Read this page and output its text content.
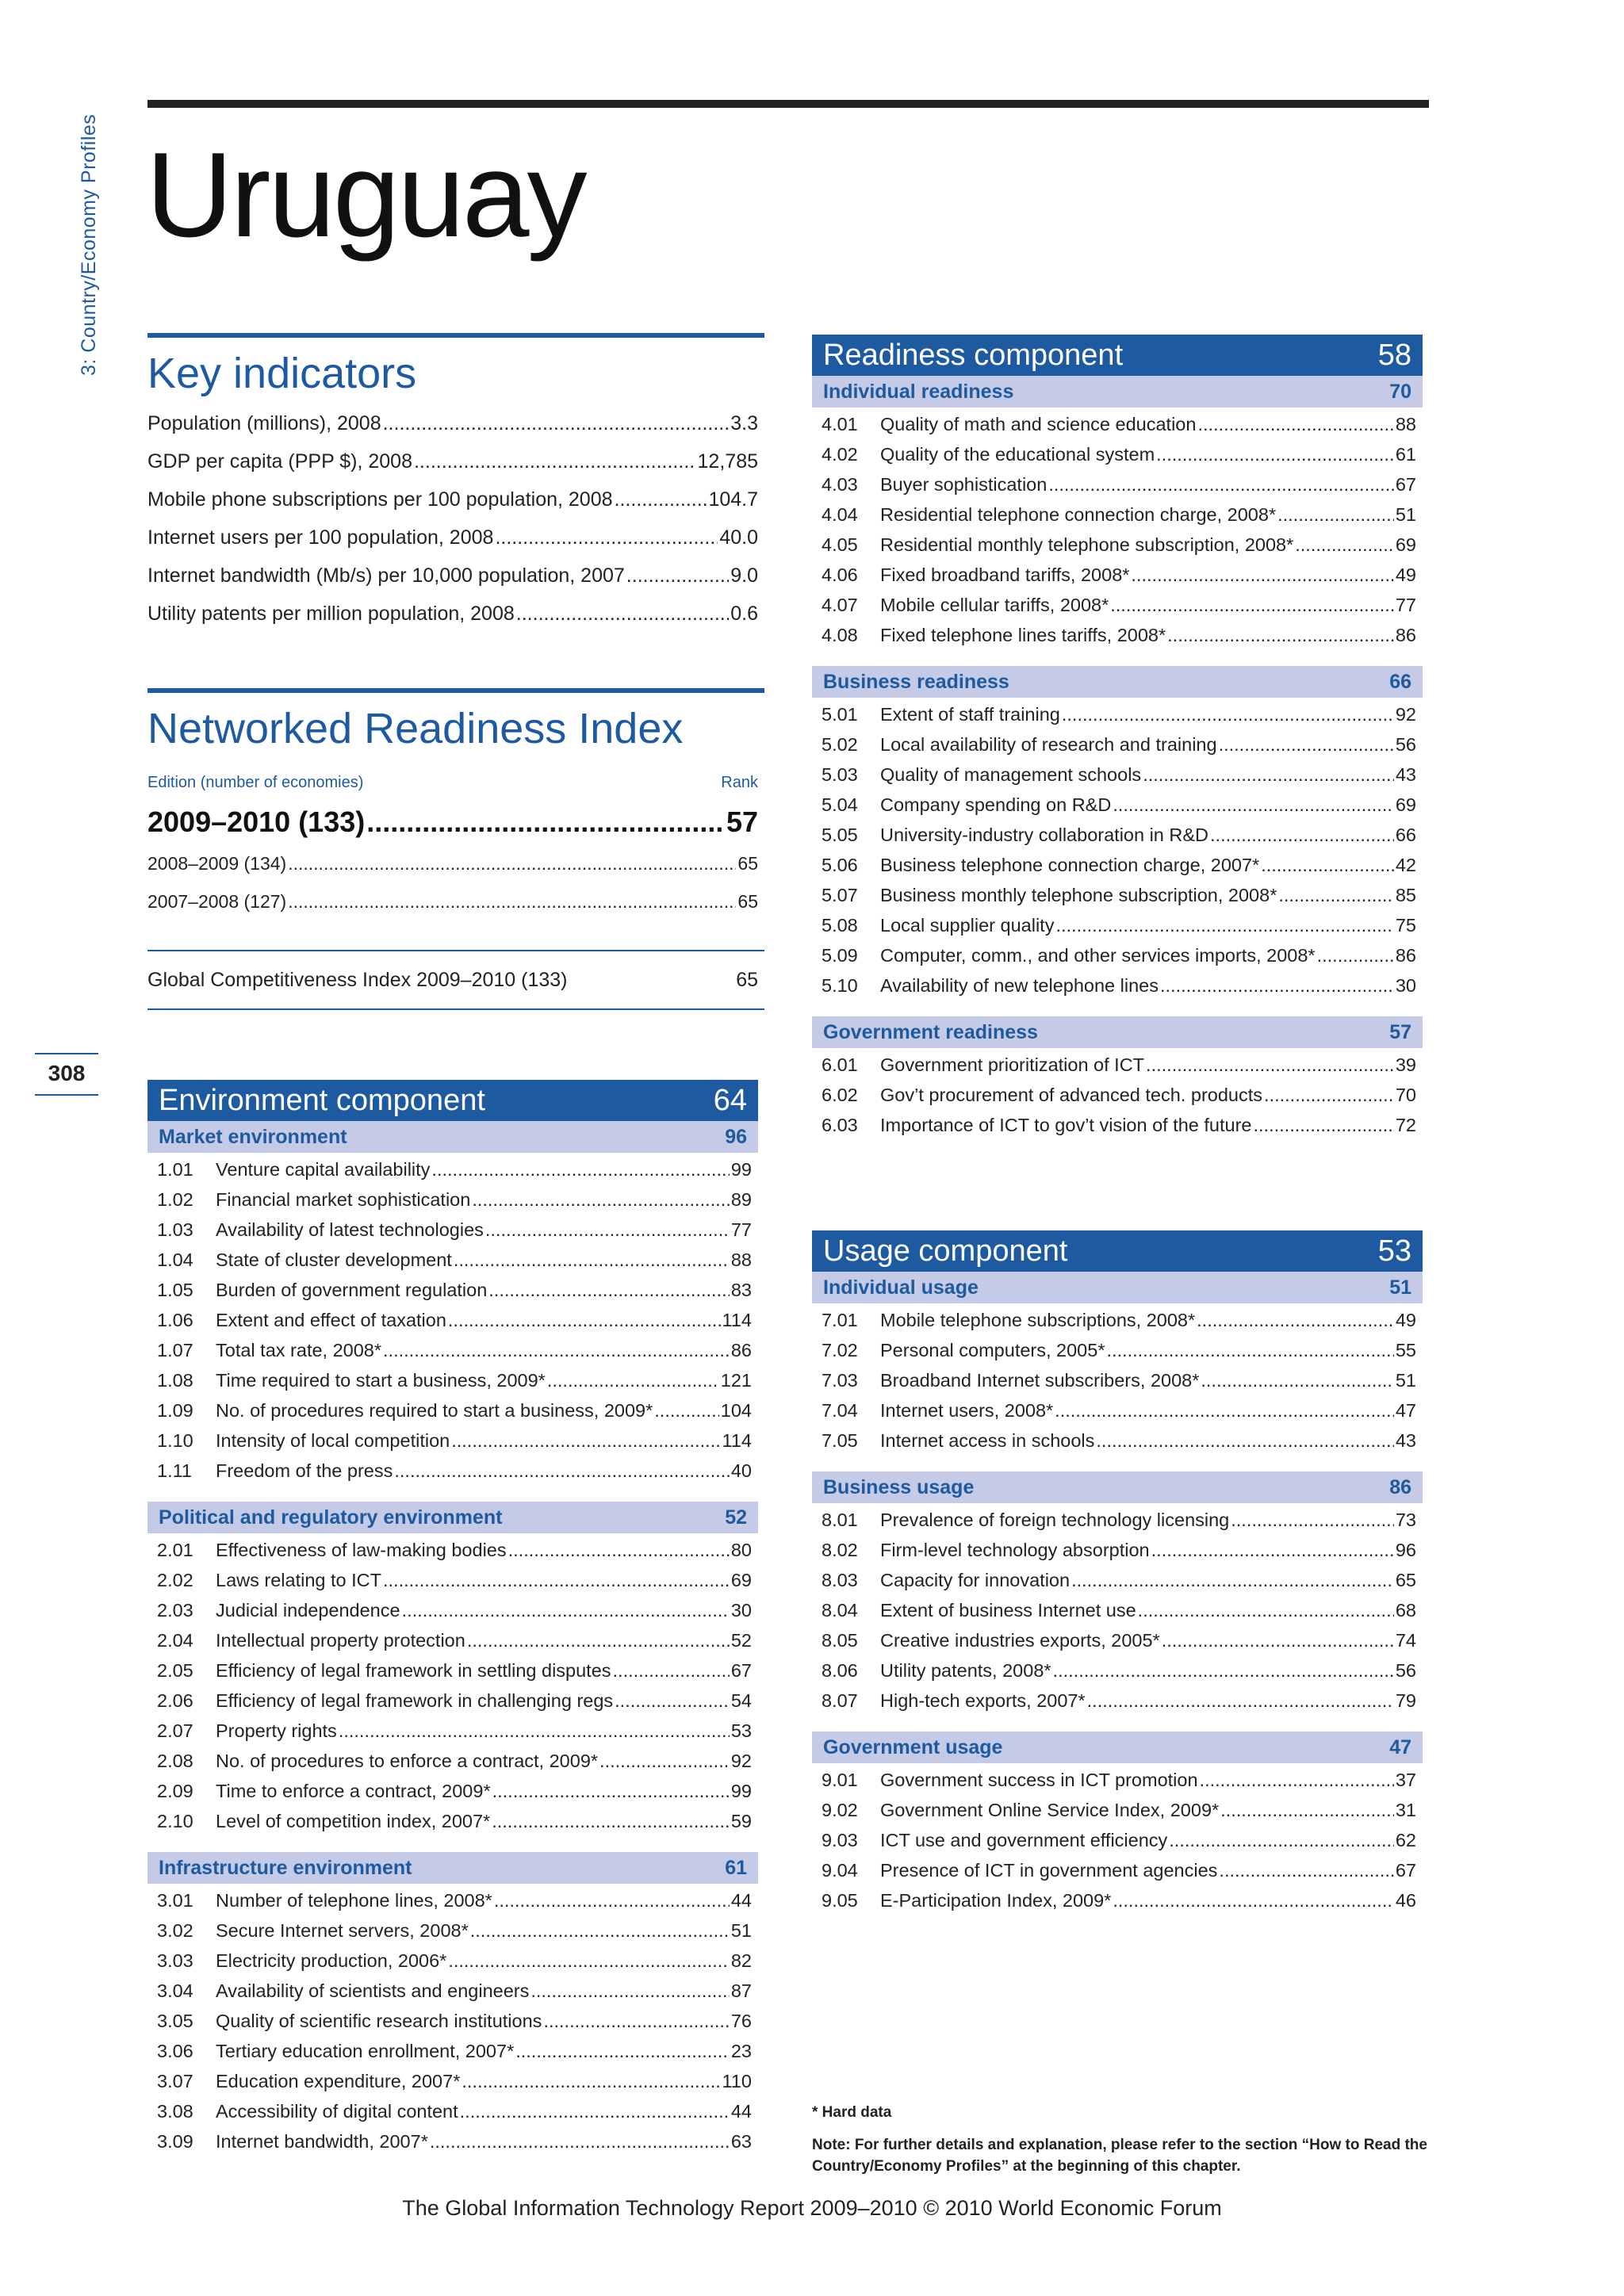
3: Country/Economy Profiles
308
Uruguay
Key indicators
Population (millions), 2008 .....	3.3
GDP per capita (PPP $), 2008 .....	12,785
Mobile phone subscriptions per 100 population, 2008 .....	104.7
Internet users per 100 population, 2008 .....	40.0
Internet bandwidth (Mb/s) per 10,000 population, 2007 .....	9.0
Utility patents per million population, 2008 .....	0.6
Networked Readiness Index
Edition (number of economies)	Rank
2009–2010 (133) .....	57
2008–2009 (134) .....	65
2007–2008 (127) .....	65
Global Competitiveness Index 2009–2010 (133)	65
Environment component	64
Market environment	96
1.01	Venture capital availability .....	99
1.02	Financial market sophistication .....	89
1.03	Availability of latest technologies .....	77
1.04	State of cluster development .....	88
1.05	Burden of government regulation .....	83
1.06	Extent and effect of taxation .....	114
1.07	Total tax rate, 2008* .....	86
1.08	Time required to start a business, 2009* .....	121
1.09	No. of procedures required to start a business, 2009* .....	104
1.10	Intensity of local competition .....	114
1.11	Freedom of the press .....	40
Political and regulatory environment	52
2.01	Effectiveness of law-making bodies .....	80
2.02	Laws relating to ICT .....	69
2.03	Judicial independence .....	30
2.04	Intellectual property protection .....	52
2.05	Efficiency of legal framework in settling disputes .....	67
2.06	Efficiency of legal framework in challenging regs .....	54
2.07	Property rights .....	53
2.08	No. of procedures to enforce a contract, 2009* .....	92
2.09	Time to enforce a contract, 2009* .....	99
2.10	Level of competition index, 2007* .....	59
Infrastructure environment	61
3.01	Number of telephone lines, 2008* .....	44
3.02	Secure Internet servers, 2008* .....	51
3.03	Electricity production, 2006* .....	82
3.04	Availability of scientists and engineers .....	87
3.05	Quality of scientific research institutions .....	76
3.06	Tertiary education enrollment, 2007* .....	23
3.07	Education expenditure, 2007* .....	110
3.08	Accessibility of digital content .....	44
3.09	Internet bandwidth, 2007* .....	63
Readiness component	58
Individual readiness	70
4.01	Quality of math and science education .....	88
4.02	Quality of the educational system .....	61
4.03	Buyer sophistication .....	67
4.04	Residential telephone connection charge, 2008* .....	51
4.05	Residential monthly telephone subscription, 2008* .....	69
4.06	Fixed broadband tariffs, 2008* .....	49
4.07	Mobile cellular tariffs, 2008* .....	77
4.08	Fixed telephone lines tariffs, 2008* .....	86
Business readiness	66
5.01	Extent of staff training .....	92
5.02	Local availability of research and training .....	56
5.03	Quality of management schools .....	43
5.04	Company spending on R&D .....	69
5.05	University-industry collaboration in R&D .....	66
5.06	Business telephone connection charge, 2007* .....	42
5.07	Business monthly telephone subscription, 2008* .....	85
5.08	Local supplier quality .....	75
5.09	Computer, comm., and other services imports, 2008* .....	86
5.10	Availability of new telephone lines .....	30
Government readiness	57
6.01	Government prioritization of ICT .....	39
6.02	Gov’t procurement of advanced tech. products .....	70
6.03	Importance of ICT to gov’t vision of the future .....	72
Usage component	53
Individual usage	51
7.01	Mobile telephone subscriptions, 2008* .....	49
7.02	Personal computers, 2005* .....	55
7.03	Broadband Internet subscribers, 2008* .....	51
7.04	Internet users, 2008* .....	47
7.05	Internet access in schools .....	43
Business usage	86
8.01	Prevalence of foreign technology licensing .....	73
8.02	Firm-level technology absorption .....	96
8.03	Capacity for innovation .....	65
8.04	Extent of business Internet use .....	68
8.05	Creative industries exports, 2005* .....	74
8.06	Utility patents, 2008* .....	56
8.07	High-tech exports, 2007* .....	79
Government usage	47
9.01	Government success in ICT promotion .....	37
9.02	Government Online Service Index, 2009* .....	31
9.03	ICT use and government efficiency .....	62
9.04	Presence of ICT in government agencies .....	67
9.05	E-Participation Index, 2009* .....	46
* Hard data
Note: For further details and explanation, please refer to the section “How to Read the Country/Economy Profiles” at the beginning of this chapter.
The Global Information Technology Report 2009–2010 © 2010 World Economic Forum
